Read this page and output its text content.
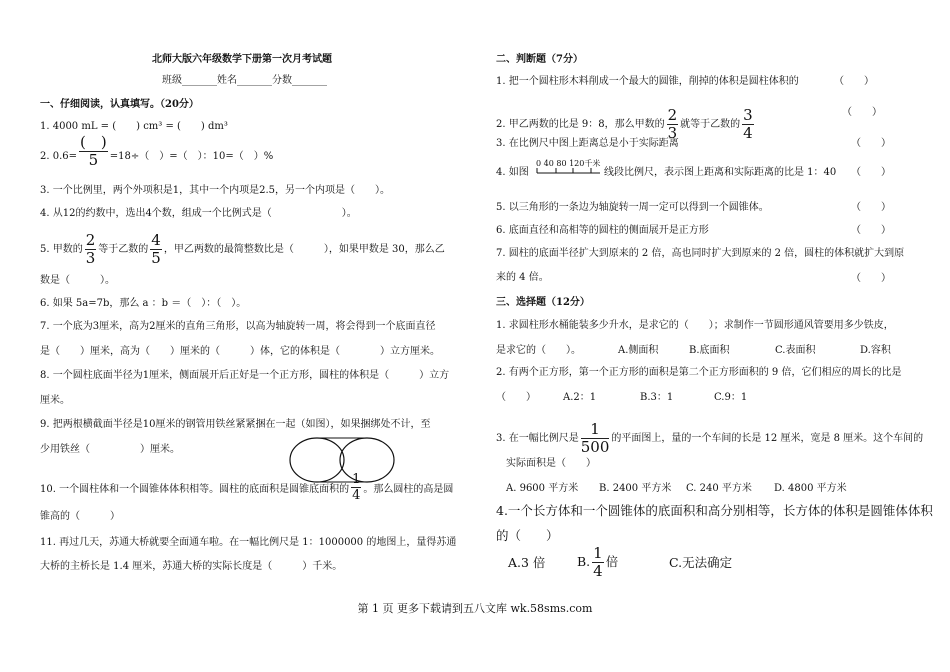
北师大版六年级数学下册第一次月考试题
班级_______姓名_______分数_______
一、仔细阅读，认真填写。（20分）
1. 4000 mL = (　　) cm³ = (　　) dm³
2. $0.6= \frac{( )}{5} =18\div$（　）=（　）：10=（　）%
3. 一个比例里，两个外项积是1，其中一个内项是2.5，另一个内项是（　　）。
4. 从12的约数中，选出4个数，组成一个比例式是（　　　　　　　）。
5. 甲数的 $\frac{2}{3}$ 等于乙数的 $\frac{4}{5}$ ，甲乙两数的最简整数比是（　　　），如果甲数是 30，那么乙
数是（　　　）。
6. 如果 5a=7b，那么 a ：b ＝（　）：（　）。
7. 一个底为3厘米，高为2厘米的直角三角形，以高为轴旋转一周，将会得到一个底面直径
是（　　）厘米，高为（　　）厘米的（　　　）体，它的体积是（　　　　）立方厘米。
8. 一个圆柱底面半径为1厘米，侧面展开后正好是一个正方形，圆柱的体积是（　　　）立方
厘米。
9. 把两根横截面半径是10厘米的钢管用铁丝紧紧捆在一起（如图），如果捆绑处不计，至
少用铁丝（　　　　　）厘米。
10. 一个圆柱体和一个圆锥体体积相等。圆柱的底面积是圆锥底面积的 $\frac{1}{4}$ 。那么圆柱的高是圆
锥高的（　　　）
11. 再过几天，苏通大桥就要全面通车啦。在一幅比例尺是 1：1000000 的地图上，量得苏通
大桥的主桥长是 1.4 厘米，苏通大桥的实际长度是（　　　）千米。
二、判断题（7分）
1. 把一个圆柱形木料削成一个最大的圆锥，削掉的体积是圆柱体积的	（　　）
2. 甲乙两数的比是 9：8，那么甲数的 $\frac{2}{3}$ 就等于乙数的 $\frac{3}{4}$	（　　）
3. 在比例尺中图上距离总是小于实际距离	（　　）
4. 如图
0 40 80 120千米
线段比例尺，表示图上距离和实际距离的比是 1：40 （　　）
5. 以三角形的一条边为轴旋转一周一定可以得到一个圆锥体。	（　　）
6. 底面直径和高相等的圆柱的侧面展开是正方形	（　　）
7. 圆柱的底面半径扩大到原来的 2 倍，高也同时扩大到原来的 2 倍，圆柱的体积就扩大到原
来的 4 倍。	（　　）
三、选择题（12分）
1. 求圆柱形水桶能装多少升水，是求它的（　　）；求制作一节圆形通风管要用多少铁皮，
是求它的（　　）。	A.侧面积	B.底面积	C.表面积	D.容积
2. 有两个正方形，第一个正方形的面积是第二个正方形面积的 9 倍，它们相应的周长的比是
（　　）	A.2：1	B.3：1	C.9：1
3. 在一幅比例尺是 $\frac{1}{500}$ 的平面图上，量的一个车间的长是 12 厘米，宽是 8 厘米。这个车间的
实际面积是（　　）
A. 9600 平方米 B. 2400 平方米 C. 240 平方米 D. 4800 平方米
4.一个长方体和一个圆锥体的底面积和高分别相等，长方体的体积是圆锥体体积
的（　　）
A.3 倍	B. $\frac{1}{4}$ 倍	C.无法确定
第 1 页 更多下载请到五八文库 wk.58sms.com
